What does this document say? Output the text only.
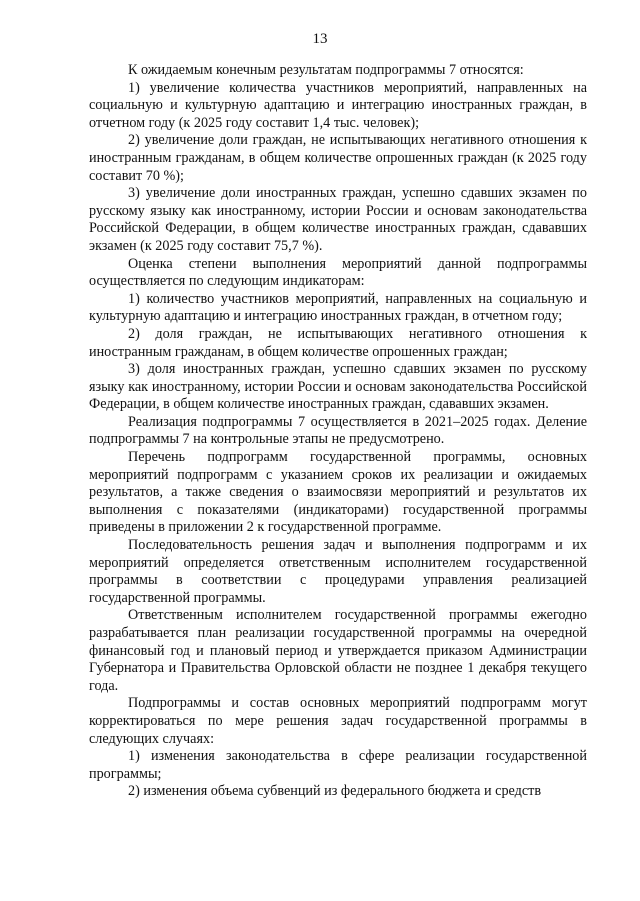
13

К ожидаемым конечным результатам подпрограммы 7 относятся:

1) увеличение количества участников мероприятий, направленных на социальную и культурную адаптацию и интеграцию иностранных граждан, в отчетном году (к 2025 году составит 1,4 тыс. человек);

2) увеличение доли граждан, не испытывающих негативного отношения к иностранным гражданам, в общем количестве опрошенных граждан (к 2025 году составит 70 %);

3) увеличение доли иностранных граждан, успешно сдавших экзамен по русскому языку как иностранному, истории России и основам законодательства Российской Федерации, в общем количестве иностранных граждан, сдававших экзамен (к 2025 году составит 75,7 %).

Оценка степени выполнения мероприятий данной подпрограммы осуществляется по следующим индикаторам:

1) количество участников мероприятий, направленных на социальную и культурную адаптацию и интеграцию иностранных граждан, в отчетном году;

2) доля граждан, не испытывающих негативного отношения к иностранным гражданам, в общем количестве опрошенных граждан;

3) доля иностранных граждан, успешно сдавших экзамен по русскому языку как иностранному, истории России и основам законодательства Российской Федерации, в общем количестве иностранных граждан, сдававших экзамен.

Реализация подпрограммы 7 осуществляется в 2021–2025 годах. Деление подпрограммы 7 на контрольные этапы не предусмотрено.

Перечень подпрограмм государственной программы, основных мероприятий подпрограмм с указанием сроков их реализации и ожидаемых результатов, а также сведения о взаимосвязи мероприятий и результатов их выполнения с показателями (индикаторами) государственной программы приведены в приложении 2 к государственной программе.

Последовательность решения задач и выполнения подпрограмм и их мероприятий определяется ответственным исполнителем государственной программы в соответствии с процедурами управления реализацией государственной программы.

Ответственным исполнителем государственной программы ежегодно разрабатывается план реализации государственной программы на очередной финансовый год и плановый период и утверждается приказом Администрации Губернатора и Правительства Орловской области не позднее 1 декабря текущего года.

Подпрограммы и состав основных мероприятий подпрограмм могут корректироваться по мере решения задач государственной программы в следующих случаях:

1) изменения законодательства в сфере реализации государственной программы;

2) изменения объема субвенций из федерального бюджета и средств
